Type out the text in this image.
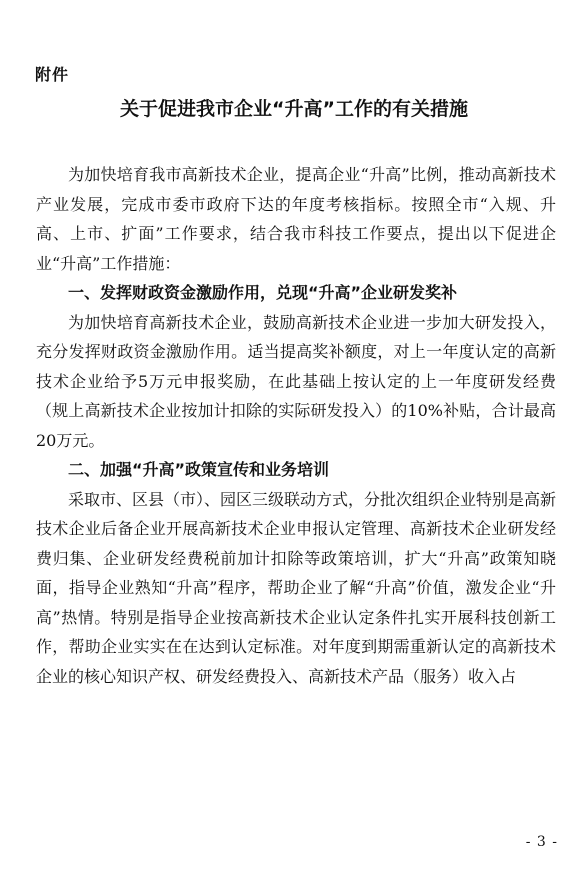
附件
关于促进我市企业“升高”工作的有关措施

为加快培育我市高新技术企业，提高企业“升高”比例，推动高新技术产业发展，完成市委市政府下达的年度考核指标。按照全市“入规、升高、上市、扩面”工作要求，结合我市科技工作要点，提出以下促进企业“升高”工作措施：

一、发挥财政资金激励作用，兑现“升高”企业研发奖补

为加快培育高新技术企业，鼓励高新技术企业进一步加大研发投入，充分发挥财政资金激励作用。适当提高奖补额度，对上一年度认定的高新技术企业给予5万元申报奖励，在此基础上按认定的上一年度研发经费（规上高新技术企业按加计扣除的实际研发投入）的10%补贴，合计最高20万元。

二、加强“升高”政策宣传和业务培训

采取市、区县（市）、园区三级联动方式，分批次组织企业特别是高新技术企业后备企业开展高新技术企业申报认定管理、高新技术企业研发经费归集、企业研发经费税前加计扣除等政策培训，扩大“升高”政策知晓面，指导企业熟知“升高”程序，帮助企业了解“升高”价值，激发企业“升高”热情。特别是指导企业按高新技术企业认定条件扎实开展科技创新工作，帮助企业实实在在达到认定标准。对年度到期需重新认定的高新技术企业的核心知识产权、研发经费投入、高新技术产品（服务）收入占

- 3 -
